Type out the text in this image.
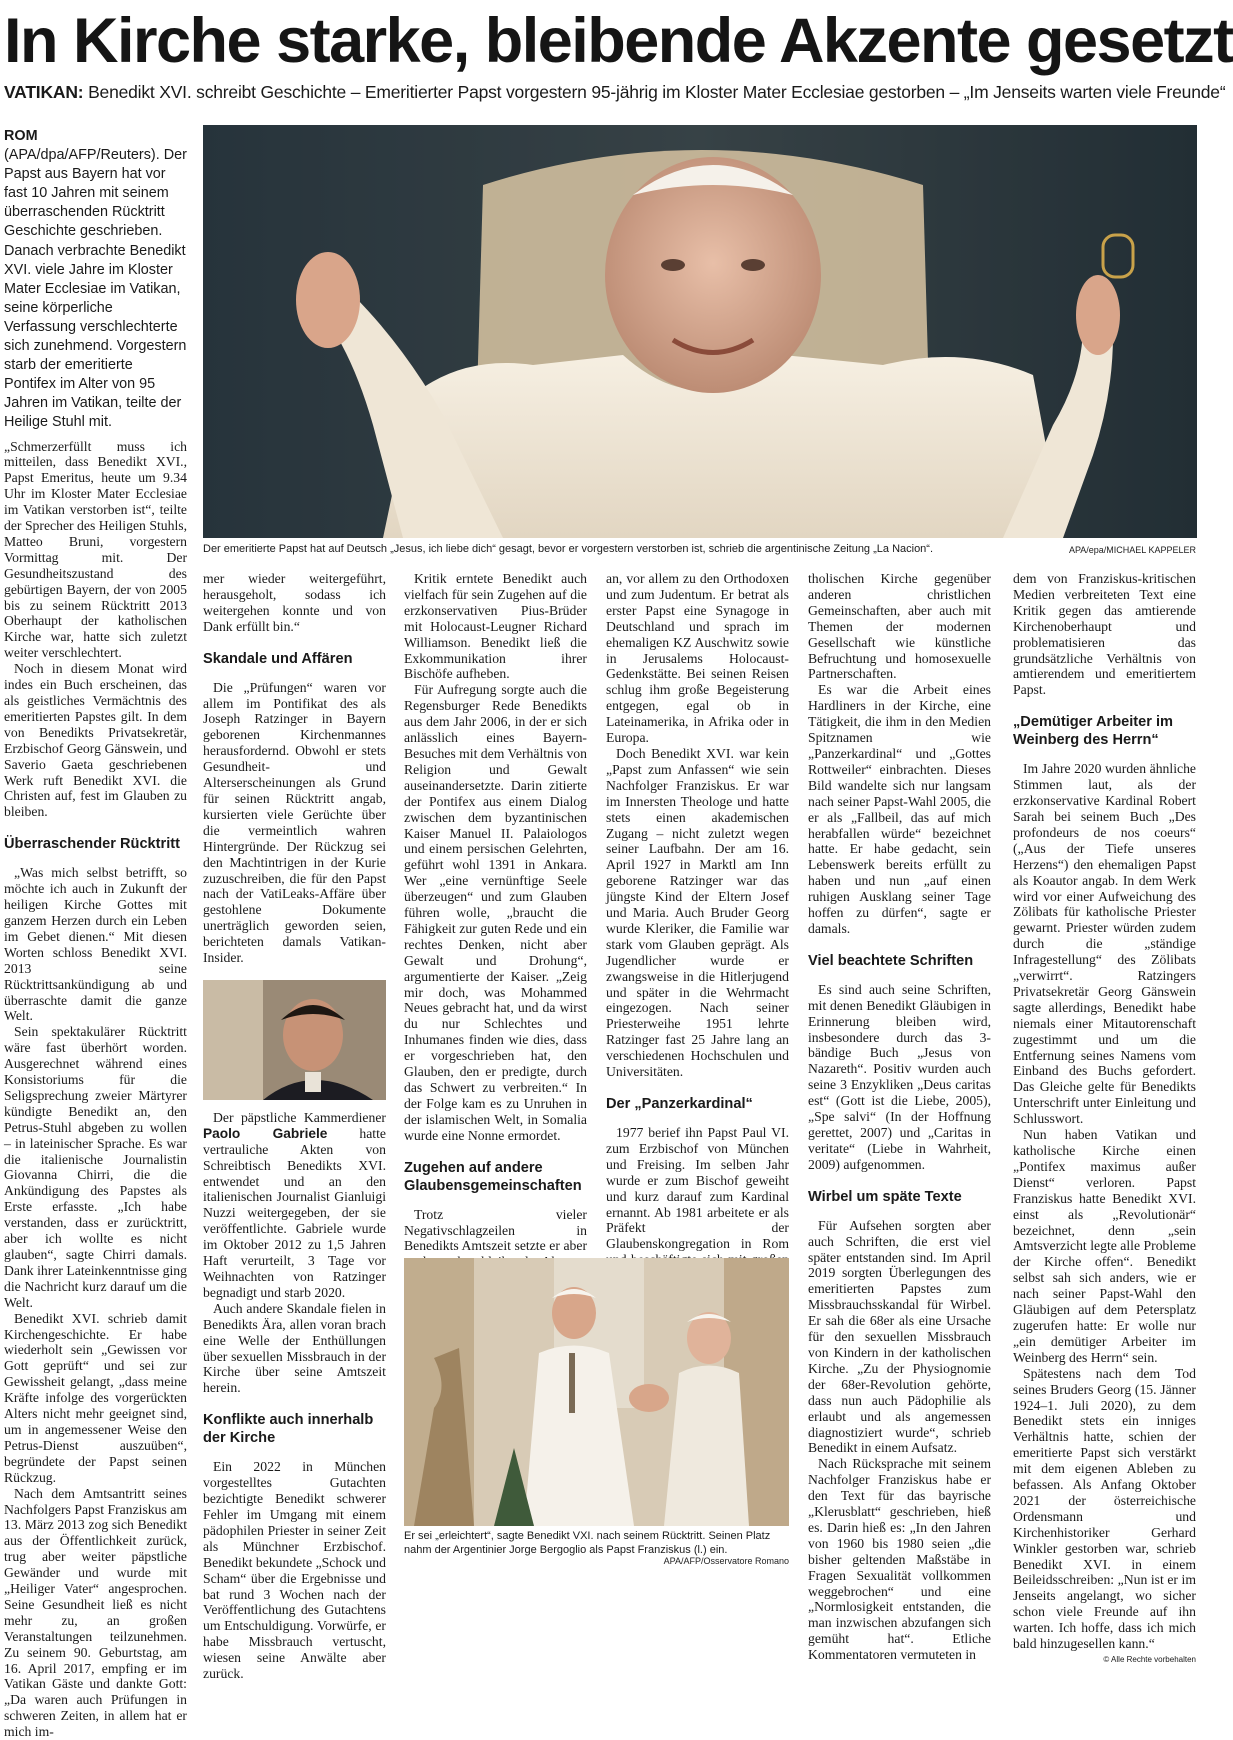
In Kirche starke, bleibende Akzente gesetzt
VATIKAN: Benedikt XVI. schreibt Geschichte – Emeritierter Papst vorgestern 95-jährig im Kloster Mater Ecclesiae gestorben – „Im Jenseits warten viele Freunde“
Der emeritierte Papst hat auf Deutsch „Jesus, ich liebe dich“ gesagt, bevor er vorgestern verstorben ist, schrieb die argentinische Zeitung „La Nacion“.	APA/epa/MICHAEL KAPPELER

ROM (APA/dpa/AFP/Reuters). Der Papst aus Bayern hat vor fast 10 Jahren mit seinem überraschenden Rücktritt Geschichte geschrieben. Danach verbrachte Benedikt XVI. viele Jahre im Kloster Mater Ecclesiae im Vatikan, seine körperliche Verfassung verschlechterte sich zunehmend. Vorgestern starb der emeritierte Pontifex im Alter von 95 Jahren im Vatikan, teilte der Heilige Stuhl mit.

„Schmerzerfüllt muss ich mitteilen, dass Benedikt XVI., Papst Emeritus, heute um 9.34 Uhr im Kloster Mater Ecclesiae im Vatikan verstorben ist“, teilte der Sprecher des Heiligen Stuhls, Matteo Bruni, vorgestern Vormittag mit. Der Gesundheitszustand des gebürtigen Bayern, der von 2005 bis zu seinem Rücktritt 2013 Oberhaupt der katholischen Kirche war, hatte sich zuletzt weiter verschlechtert.

Noch in diesem Monat wird indes ein Buch erscheinen, das als geistliches Vermächtnis des emeritierten Papstes gilt. In dem von Benedikts Privatsekretär, Erzbischof Georg Gänswein, und Saverio Gaeta geschriebenen Werk ruft Benedikt XVI. die Christen auf, fest im Glauben zu bleiben.

Überraschender Rücktritt

„Was mich selbst betrifft, so möchte ich auch in Zukunft der heiligen Kirche Gottes mit ganzem Herzen durch ein Leben im Gebet dienen.“ Mit diesen Worten schloss Benedikt XVI. 2013 seine Rücktrittsankündigung ab und überraschte damit die ganze Welt.

Sein spektakulärer Rücktritt wäre fast überhört worden. Ausgerechnet während eines Konsistoriums für die Seligsprechung zweier Märtyrer kündigte Benedikt an, den Petrus-Stuhl abgeben zu wollen – in lateinischer Sprache. Es war die italienische Journalistin Giovanna Chirri, die die Ankündigung des Papstes als Erste erfasste. „Ich habe verstanden, dass er zurücktritt, aber ich wollte es nicht glauben“, sagte Chirri damals. Dank ihrer Lateinkenntnisse ging die Nachricht kurz darauf um die Welt.

Benedikt XVI. schrieb damit Kirchengeschichte. Er habe wiederholt sein „Gewissen vor Gott geprüft“ und sei zur Gewissheit gelangt, „dass meine Kräfte infolge des vorgerückten Alters nicht mehr geeignet sind, um in angemessener Weise den Petrus-Dienst auszuüben“, begründete der Papst seinen Rückzug.

Nach dem Amtsantritt seines Nachfolgers Papst Franziskus am 13. März 2013 zog sich Benedikt aus der Öffentlichkeit zurück, trug aber weiter päpstliche Gewänder und wurde mit „Heiliger Vater“ angesprochen. Seine Gesundheit ließ es nicht mehr zu, an großen Veranstaltungen teilzunehmen. Zu seinem 90. Geburtstag, am 16. April 2017, empfing er im Vatikan Gäste und dankte Gott: „Da waren auch Prüfungen in schweren Zeiten, in allem hat er mich im-

mer wieder weitergeführt, herausgeholt, sodass ich weitergehen konnte und von Dank erfüllt bin.“

Skandale und Affären

Die „Prüfungen“ waren vor allem im Pontifikat des als Joseph Ratzinger in Bayern geborenen Kirchenmannes herausfordernd. Obwohl er stets Gesundheit- und Alterserscheinungen als Grund für seinen Rücktritt angab, kursierten viele Gerüchte über die vermeintlich wahren Hintergründe. Der Rückzug sei den Machtintrigen in der Kurie zuzuschreiben, die für den Papst nach der VatiLeaks-Affäre über gestohlene Dokumente unerträglich geworden seien, berichteten damals Vatikan-Insider.

Der päpstliche Kammerdiener Paolo Gabriele hatte vertrauliche Akten von Schreibtisch Benedikts XVI. entwendet und an den italienischen Journalist Gianluigi Nuzzi weitergegeben, der sie veröffentlichte. Gabriele wurde im Oktober 2012 zu 1,5 Jahren Haft verurteilt, 3 Tage vor Weihnachten von Ratzinger begnadigt und starb 2020.

Auch andere Skandale fielen in Benedikts Ära, allen voran brach eine Welle der Enthüllungen über sexuellen Missbrauch in der Kirche über seine Amtszeit herein.

Konflikte auch innerhalb der Kirche

Ein 2022 in München vorgestelltes Gutachten bezichtigte Benedikt schwerer Fehler im Umgang mit einem pädophilen Priester in seiner Zeit als Münchner Erzbischof. Benedikt bekundete „Schock und Scham“ über die Ergebnisse und bat rund 3 Wochen nach der Veröffentlichung des Gutachtens um Entschuldigung. Vorwürfe, er habe Missbrauch vertuscht, wiesen seine Anwälte aber zurück.

Kritik erntete Benedikt auch vielfach für sein Zugehen auf die erzkonservativen Pius-Brüder mit Holocaust-Leugner Richard Williamson. Benedikt ließ die Exkommunikation ihrer Bischöfe aufheben.

Für Aufregung sorgte auch die Regensburger Rede Benedikts aus dem Jahr 2006, in der er sich anlässlich eines Bayern-Besuches mit dem Verhältnis von Religion und Gewalt auseinandersetzte. Darin zitierte der Pontifex aus einem Dialog zwischen dem byzantinischen Kaiser Manuel II. Palaiologos und einem persischen Gelehrten, geführt wohl 1391 in Ankara. Wer „eine vernünftige Seele überzeugen“ und zum Glauben führen wolle, „braucht die Fähigkeit zur guten Rede und ein rechtes Denken, nicht aber Gewalt und Drohung“, argumentierte der Kaiser. „Zeig mir doch, was Mohammed Neues gebracht hat, und da wirst du nur Schlechtes und Inhumanes finden wie dies, dass er vorgeschrieben hat, den Glauben, den er predigte, durch das Schwert zu verbreiten.“ In der Folge kam es zu Unruhen in der islamischen Welt, in Somalia wurde eine Nonne ermordet.

Zugehen auf andere Glaubensgemeinschaften

Trotz vieler Negativschlagzeilen in Benedikts Amtszeit setzte er aber

an, vor allem zu den Orthodoxen und zum Judentum. Er betrat als erster Papst eine Synagoge in Deutschland und sprach im ehemaligen KZ Auschwitz sowie in Jerusalems Holocaust-Gedenkstätte. Bei seinen Reisen schlug ihm große Begeisterung entgegen, egal ob in Lateinamerika, in Afrika oder in Europa.

Doch Benedikt XVI. war kein „Papst zum Anfassen“ wie sein Nachfolger Franziskus. Er war im Innersten Theologe und hatte stets einen akademischen Zugang – nicht zuletzt wegen seiner Laufbahn. Der am 16. April 1927 in Marktl am Inn geborene Ratzinger war das jüngste Kind der Eltern Josef und Maria. Auch Bruder Georg wurde Kleriker, die Familie war stark vom Glauben geprägt. Als Jugendlicher wurde er zwangsweise in die Hitlerjugend und später in die Wehrmacht eingezogen. Nach seiner Priesterweihe 1951 lehrte Ratzinger fast 25 Jahre lang an verschiedenen Hochschulen und Universitäten.

Der „Panzerkardinal“

1977 berief ihn Papst Paul VI. zum Erzbischof von München und Freising. Im selben Jahr wurde er zum Bischof geweiht und kurz darauf zum Kardinal ernannt. Ab 1981 arbeitete er als Präfekt der Glaubenskongregation in Rom

Er sei „erleichtert“, sagte Benedikt VXI. nach seinem Rücktritt. Seinen Platz nahm der Argentinier Jorge Bergoglio als Papst Franziskus (l.) ein.
APA/AFP/Osservatore Romano

tholischen Kirche gegenüber anderen christlichen Gemeinschaften, aber auch mit Themen der modernen Gesellschaft wie künstliche Befruchtung und homosexuelle Partnerschaften.

Es war die Arbeit eines Hardliners in der Kirche, eine Tätigkeit, die ihm in den Medien Spitznamen wie „Panzerkardinal“ und „Gottes Rottweiler“ einbrachten. Dieses Bild wandelte sich nur langsam nach seiner Papst-Wahl 2005, die er als „Fallbeil, das auf mich herabfallen würde“ bezeichnet hatte. Er habe gedacht, sein Lebenswerk bereits erfüllt zu haben und nun „auf einen ruhigen Ausklang seiner Tage hoffen zu dürfen“, sagte er damals.

Viel beachtete Schriften

Es sind auch seine Schriften, mit denen Benedikt Gläubigen in Erinnerung bleiben wird, insbesondere durch das 3-bändige Buch „Jesus von Nazareth“. Positiv wurden auch seine 3 Enzykliken „Deus caritas est“ (Gott ist die Liebe, 2005), „Spe salvi“ (In der Hoffnung gerettet, 2007) und „Caritas in veritate“ (Liebe in Wahrheit, 2009) aufgenommen.

Wirbel um späte Texte

Für Aufsehen sorgten aber auch Schriften, die erst viel später entstanden sind. Im April 2019 sorgten Überlegungen des emeritierten Papstes zum Missbrauchsskandal für Wirbel. Er sah die 68er als eine Ursache für den sexuellen Missbrauch von Kindern in der katholischen Kirche. „Zu der Physiognomie der 68er-Revolution gehörte, dass nun auch Pädophilie als erlaubt und als angemessen diagnostiziert wurde“, schrieb Benedikt in einem Aufsatz.

Nach Rücksprache mit seinem Nachfolger Franziskus habe er den Text für das bayrische „Klerusblatt“ geschrieben, hieß es. Darin hieß es: „In den Jahren von 1960 bis 1980 seien „die bisher geltenden Maßstäbe in Fragen Sexualität vollkommen weggebrochen“ und eine „Normlosigkeit entstanden, die man inzwischen abzufangen sich gemüht hat“. Etliche Kommentatoren vermuteten in

dem von Franziskus-kritischen Medien verbreiteten Text eine Kritik gegen das amtierende Kirchenoberhaupt und problematisieren das grundsätzliche Verhältnis von amtierendem und emeritiertem Papst.

„Demütiger Arbeiter im Weinberg des Herrn“

Im Jahre 2020 wurden ähnliche Stimmen laut, als der erzkonservative Kardinal Robert Sarah bei seinem Buch „Des profondeurs de nos coeurs“ („Aus der Tiefe unseres Herzens“) den ehemaligen Papst als Koautor angab. In dem Werk wird vor einer Aufweichung des Zölibats für katholische Priester gewarnt. Priester würden zudem durch die „ständige Infragestellung“ des Zölibats „verwirrt“. Ratzingers Privatsekretär Georg Gänswein sagte allerdings, Benedikt habe niemals einer Mitautorenschaft zugestimmt und um die Entfernung seines Namens vom Einband des Buchs gefordert. Das Gleiche gelte für Benedikts Unterschrift unter Einleitung und Schlusswort.

Nun haben Vatikan und katholische Kirche einen „Pontifex maximus außer Dienst“ verloren. Papst Franziskus hatte Benedikt XVI. einst als „Revolutionär“ bezeichnet, denn „sein Amtsverzicht legte alle Probleme der Kirche offen“. Benedikt selbst sah sich anders, wie er nach seiner Papst-Wahl den Gläubigen auf dem Petersplatz zugerufen hatte: Er wolle nur „ein demütiger Arbeiter im Weinberg des Herrn“ sein.

Spätestens nach dem Tod seines Bruders Georg (15. Jänner 1924–1. Juli 2020), zu dem Benedikt stets ein inniges Verhältnis hatte, schien der emeritierte Papst sich verstärkt mit dem eigenen Ableben zu befassen. Als Anfang Oktober 2021 der österreichische Ordensmann und Kirchenhistoriker Gerhard Winkler gestorben war, schrieb Benedikt XVI. in einem Beileidsschreiben: „Nun ist er im Jenseits angelangt, wo sicher schon viele Freunde auf ihn warten. Ich hoffe, dass ich mich bald hinzugesellen kann.“

© Alle Rechte vorbehalten
